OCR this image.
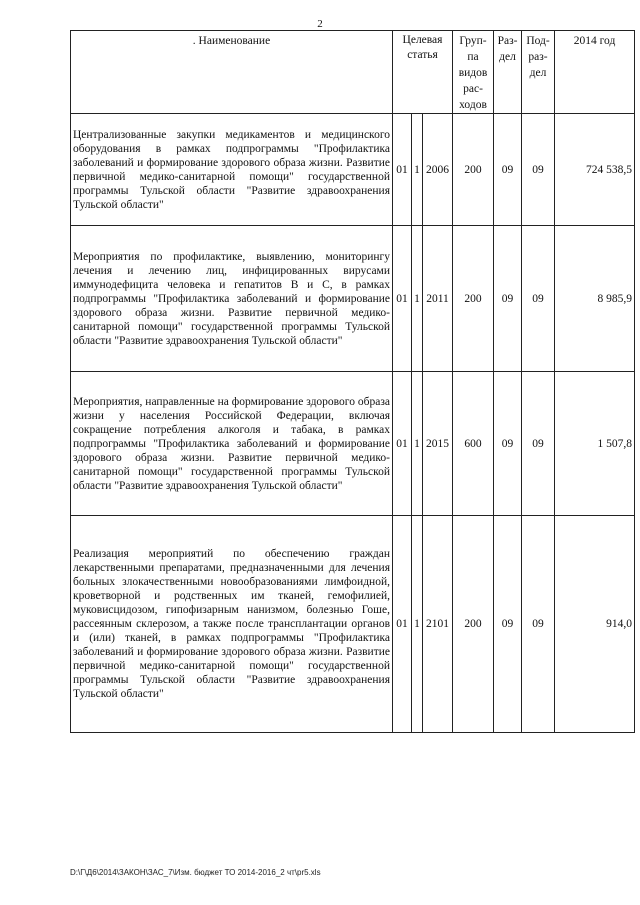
2
. Наименование	Целевая статья			Груп-па видов рас-ходов	Раз-дел	Под-раз-дел	2014 год
Централизованные закупки медикаментов и медицинского оборудования в рамках подпрограммы "Профилактика заболеваний и формирование здорового образа жизни. Развитие первичной медико-санитарной помощи" государственной программы Тульской области "Развитие здравоохранения Тульской области"	01	1	2006	200	09	09	724 538,5
Мероприятия по профилактике, выявлению, мониторингу лечения и лечению лиц, инфицированных вирусами иммунодефицита человека и гепатитов В и С, в рамках подпрограммы "Профилактика заболеваний и формирование здорового образа жизни. Развитие первичной медико-санитарной помощи" государственной программы Тульской области "Развитие здравоохранения Тульской области"	01	1	2011	200	09	09	8 985,9
Мероприятия, направленные на формирование здорового образа жизни у населения Российской Федерации, включая сокращение потребления алкоголя и табака, в рамках подпрограммы "Профилактика заболеваний и формирование здорового образа жизни. Развитие первичной медико-санитарной помощи" государственной программы Тульской области "Развитие здравоохранения Тульской области"	01	1	2015	600	09	09	1 507,8
Реализация мероприятий по обеспечению граждан лекарственными препаратами, предназначенными для лечения больных злокачественными новообразованиями лимфоидной, кроветворной и родственных им тканей, гемофилией, муковисцидозом, гипофизарным нанизмом, болезнью Гоше, рассеянным склерозом, а также после трансплантации органов и (или) тканей, в рамках подпрограммы "Профилактика заболеваний и формирование здорового образа жизни. Развитие первичной медико-санитарной помощи" государственной программы Тульской области "Развитие здравоохранения Тульской области"	01	1	2101	200	09	09	914,0
D:\Г\Д6\2014\ЗАКОН\ЗАС_7\Изм. бюджет ТО 2014-2016_2 чт\pr5.xls
